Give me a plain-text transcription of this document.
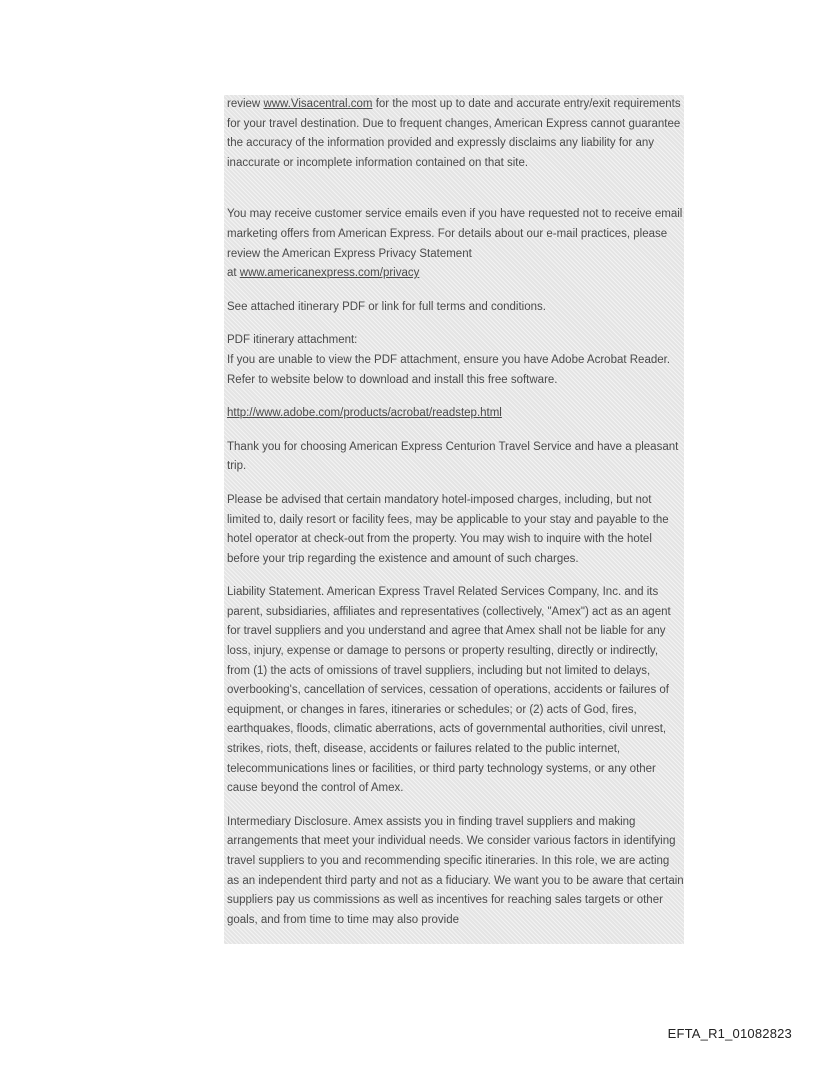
review www.Visacentral.com for the most up to date and accurate entry/exit requirements for your travel destination. Due to frequent changes, American Express cannot guarantee the accuracy of the information provided and expressly disclaims any liability for any inaccurate or incomplete information contained on that site.

You may receive customer service emails even if you have requested not to receive email marketing offers from American Express. For details about our e-mail practices, please review the American Express Privacy Statement
at www.americanexpress.com/privacy

See attached itinerary PDF or link for full terms and conditions.

PDF itinerary attachment:
If you are unable to view the PDF attachment, ensure you have Adobe Acrobat Reader. Refer to website below to download and install this free software.

http://www.adobe.com/products/acrobat/readstep.html

Thank you for choosing American Express Centurion Travel Service and have a pleasant trip.

Please be advised that certain mandatory hotel-imposed charges, including, but not limited to, daily resort or facility fees, may be applicable to your stay and payable to the hotel operator at check-out from the property. You may wish to inquire with the hotel before your trip regarding the existence and amount of such charges.

Liability Statement. American Express Travel Related Services Company, Inc. and its parent, subsidiaries, affiliates and representatives (collectively, "Amex") act as an agent for travel suppliers and you understand and agree that Amex shall not be liable for any loss, injury, expense or damage to persons or property resulting, directly or indirectly, from (1) the acts of omissions of travel suppliers, including but not limited to delays, overbooking's, cancellation of services, cessation of operations, accidents or failures of equipment, or changes in fares, itineraries or schedules; or (2) acts of God, fires, earthquakes, floods, climatic aberrations, acts of governmental authorities, civil unrest, strikes, riots, theft, disease, accidents or failures related to the public internet, telecommunications lines or facilities, or third party technology systems, or any other cause beyond the control of Amex.

Intermediary Disclosure. Amex assists you in finding travel suppliers and making arrangements that meet your individual needs. We consider various factors in identifying travel suppliers to you and recommending specific itineraries. In this role, we are acting as an independent third party and not as a fiduciary. We want you to be aware that certain suppliers pay us commissions as well as incentives for reaching sales targets or other goals, and from time to time may also provide

EFTA_R1_01082823
